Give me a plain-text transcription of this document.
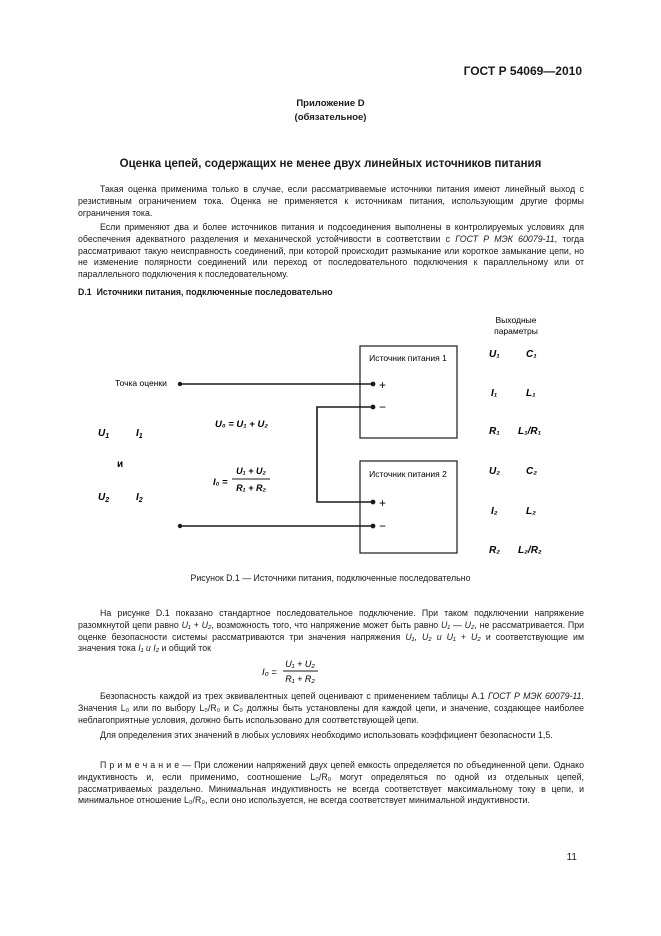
ГОСТ Р 54069—2010
Приложение D
(обязательное)
Оценка цепей, содержащих не менее двух линейных источников питания

Такая оценка применима только в случае, если рассматриваемые источники питания имеют линейный выход с резистивным ограничением тока. Оценка не применяется к источникам питания, использующим другие формы ограничения тока.

Если применяют два и более источников питания и подсоединения выполнены в контролируемых условиях для обеспечения адекватного разделения и механической устойчивости в соответствии с ГОСТ Р МЭК 60079-11, тогда рассматривают такую неисправность соединений, при которой происходит размыкание или короткое замыкание цепи, но не изменение полярности соединений или переход от последовательного подключения к параллельному или от параллельного подключения к последовательному.

D.1 Источники питания, подключенные последовательно
Выходные
параметры
Источник питания 1
Источник питания 2
+
−
+
−
Точка оценки
$U_1$	$I_1$
и
$U_2$	$I_2$
U₀ = U₁ + U₂
I₀ =
U₁ + U₂
R₁ + R₂
U₁	C₁
I₁	L₁
R₁ L₁/R₁
U₂	C₂
I₂	L₂
R₂ L₂/R₂
Рисунок D.1 — Источники питания, подключенные последовательно

На рисунке D.1 показано стандартное последовательное подключение. При таком подключении напряжение разомкнутой цепи равно U₁ + U₂, возможность того, что напряжение может быть равно U₁ — U₂, не рассматривается. При оценке безопасности системы рассматриваются три значения напряжения U₁, U₂ и U₁ + U₂ и соответствующие им значения тока I₁ и I₂ и общий ток

I₀ =
U₁ + U₂
R₁ + R₂

Безопасность каждой из трех эквивалентных цепей оценивают с применением таблицы А.1 ГОСТ Р МЭК 60079-11. Значения L₀ или по выбору L₀/R₀ и C₀ должны быть установлены для каждой цепи, и значение, создающее наиболее неблагоприятные условия, должно быть использовано для соответствующей цепи.

Для определения этих значений в любых условиях необходимо использовать коэффициент безопасности 1,5.

П р и м е ч а н и е — При сложении напряжений двух цепей емкость определяется по объединенной цепи. Однако индуктивность и, если применимо, соотношение L₀/R₀ могут определяться по одной из отдельных цепей, рассматриваемых раздельно. Минимальная индуктивность не всегда соответствует максимальному току в цепи, и минимальное отношение L₀/R₀, если оно используется, не всегда соответствует минимальной индуктивности.

11
